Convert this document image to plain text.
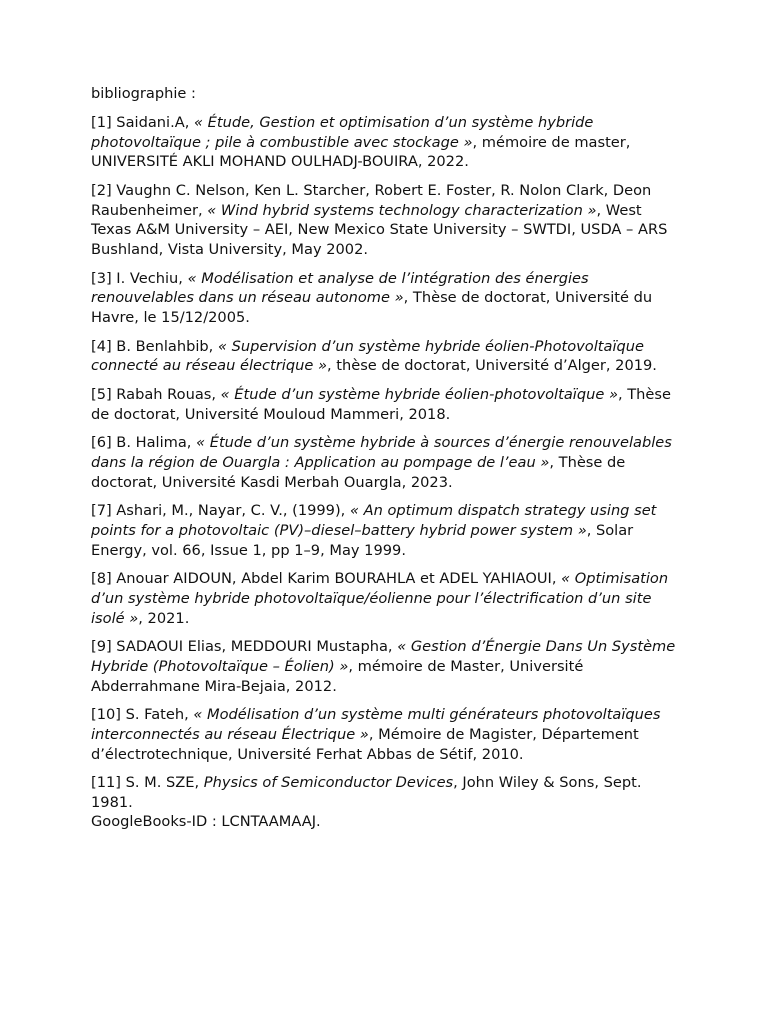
bibliographie :

[1] Saidani.A, « Étude, Gestion et optimisation d’un système hybride photovoltaïque ; pile à combustible avec stockage », mémoire de master, UNIVERSITÉ AKLI MOHAND OULHADJ-BOUIRA, 2022.

[2] Vaughn C. Nelson, Ken L. Starcher, Robert E. Foster, R. Nolon Clark, Deon Raubenheimer, « Wind hybrid systems technology characterization », West Texas A&M University – AEI, New Mexico State University – SWTDI, USDA – ARS Bushland, Vista University, May 2002.

[3] I. Vechiu, « Modélisation et analyse de l’intégration des énergies renouvelables dans un réseau autonome », Thèse de doctorat, Université du Havre, le 15/12/2005.

[4] B. Benlahbib, « Supervision d’un système hybride éolien-Photovoltaïque connecté au réseau électrique », thèse de doctorat, Université d’Alger, 2019.

[5] Rabah Rouas, « Étude d’un système hybride éolien-photovoltaïque », Thèse de doctorat, Université Mouloud Mammeri, 2018.

[6] B. Halima, « Étude d’un système hybride à sources d’énergie renouvelables dans la région de Ouargla : Application au pompage de l’eau », Thèse de doctorat, Université Kasdi Merbah Ouargla, 2023.

[7] Ashari, M., Nayar, C. V., (1999), « An optimum dispatch strategy using set points for a photovoltaic (PV)–diesel–battery hybrid power system », Solar Energy, vol. 66, Issue 1, pp 1–9, May 1999.

[8] Anouar AIDOUN, Abdel Karim BOURAHLA et ADEL YAHIAOUI, « Optimisation d’un système hybride photovoltaïque/éolienne pour l’électrification d’un site isolé », 2021.

[9] SADAOUI Elias, MEDDOURI Mustapha, « Gestion d’Énergie Dans Un Système Hybride (Photovoltaïque – Éolien) », mémoire de Master, Université Abderrahmane Mira-Bejaia, 2012.

[10] S. Fateh, « Modélisation d’un système multi générateurs photovoltaïques interconnectés au réseau Électrique », Mémoire de Magister, Département d’électrotechnique, Université Ferhat Abbas de Sétif, 2010.

[11] S. M. SZE, Physics of Semiconductor Devices, John Wiley & Sons, Sept. 1981.
GoogleBooks-ID : LCNTAAMAAJ.
